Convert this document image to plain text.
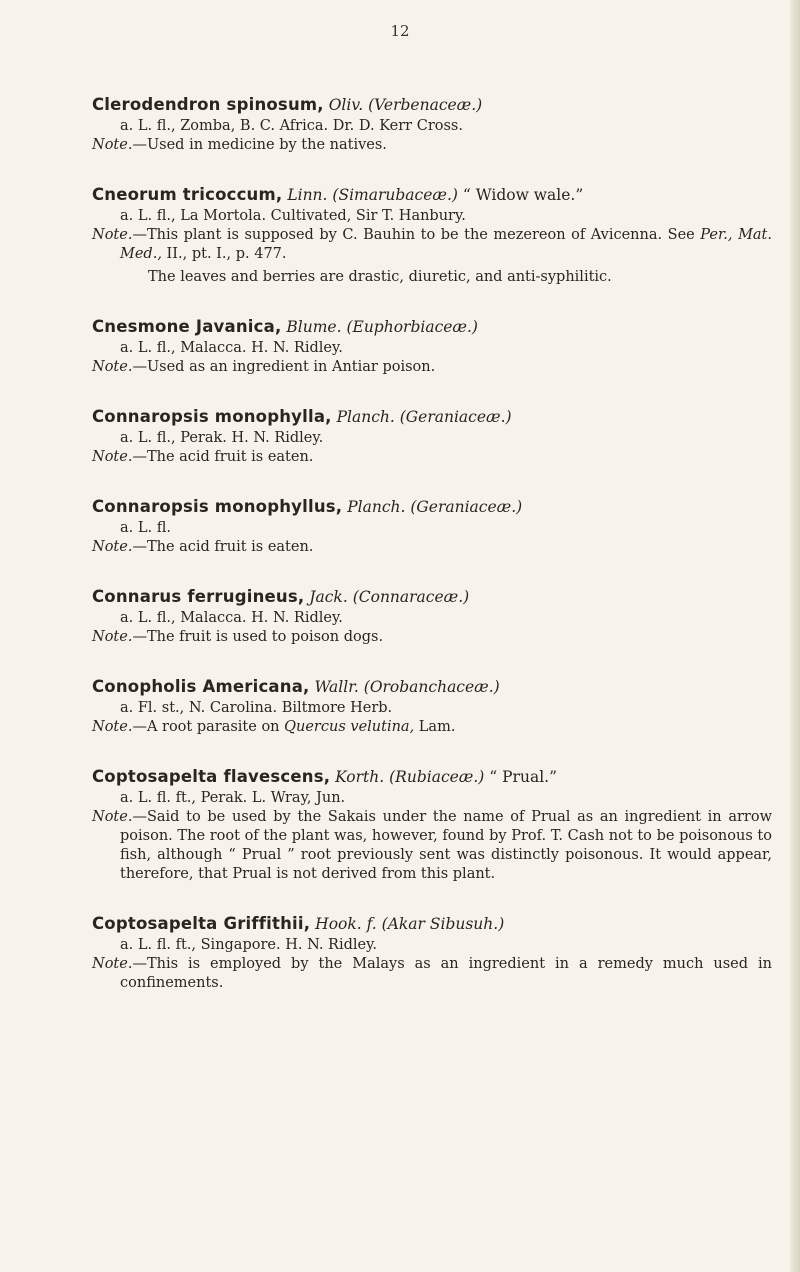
12
Clerodendron spinosum, Oliv. (Verbenaceæ.)
a. L. fl., Zomba, B. C. Africa. Dr. D. Kerr Cross.
Note.—Used in medicine by the natives.
Cneorum tricoccum, Linn. (Simarubaceæ.) “ Widow wale.”
a. L. fl., La Mortola. Cultivated, Sir T. Hanbury.
Note.—This plant is supposed by C. Bauhin to be the mezereon of Avicenna. See Per., Mat. Med., II., pt. I., p. 477.
The leaves and berries are drastic, diuretic, and anti-syphilitic.
Cnesmone Javanica, Blume. (Euphorbiaceæ.)
a. L. fl., Malacca. H. N. Ridley.
Note.—Used as an ingredient in Antiar poison.
Connaropsis monophylla, Planch. (Geraniaceæ.)
a. L. fl., Perak. H. N. Ridley.
Note.—The acid fruit is eaten.
Connaropsis monophyllus, Planch. (Geraniaceæ.)
a. L. fl.
Note.—The acid fruit is eaten.
Connarus ferrugineus, Jack. (Connaraceæ.)
a. L. fl., Malacca. H. N. Ridley.
Note.—The fruit is used to poison dogs.
Conopholis Americana, Wallr. (Orobanchaceæ.)
a. Fl. st., N. Carolina. Biltmore Herb.
Note.—A root parasite on Quercus velutina, Lam.
Coptosapelta flavescens, Korth. (Rubiaceæ.) “ Prual.”
a. L. fl. ft., Perak. L. Wray, Jun.
Note.—Said to be used by the Sakais under the name of Prual as an ingredient in arrow poison. The root of the plant was, however, found by Prof. T. Cash not to be poisonous to fish, although “ Prual ” root previously sent was distinctly poisonous. It would appear, therefore, that Prual is not derived from this plant.
Coptosapelta Griffithii, Hook. f. (Akar Sibusuh.)
a. L. fl. ft., Singapore. H. N. Ridley.
Note.—This is employed by the Malays as an ingredient in a remedy much used in confinements.
